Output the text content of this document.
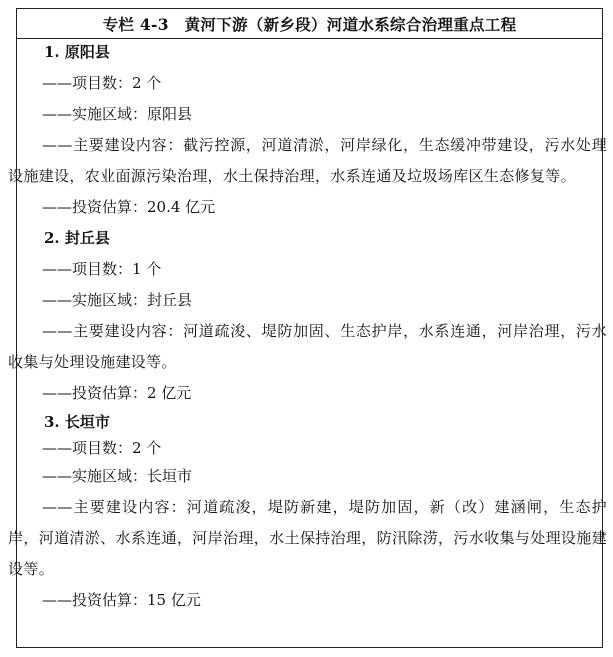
专栏 4-3　黄河下游（新乡段）河道水系综合治理重点工程
1. 原阳县
——项目数：2 个
——实施区域：原阳县
——主要建设内容：截污控源，河道清淤，河岸绿化，生态缓冲带建设，污水处理设施建设，农业面源污染治理，水土保持治理，水系连通及垃圾场库区生态修复等。
——投资估算：20.4 亿元
2. 封丘县
——项目数：1 个
——实施区域：封丘县
——主要建设内容：河道疏浚、堤防加固、生态护岸，水系连通，河岸治理，污水收集与处理设施建设等。
——投资估算：2 亿元
3. 长垣市
——项目数：2 个
——实施区域：长垣市
——主要建设内容：河道疏浚，堤防新建，堤防加固，新（改）建涵闸，生态护岸，河道清淤、水系连通，河岸治理，水土保持治理，防汛除涝，污水收集与处理设施建设等。
——投资估算：15 亿元
